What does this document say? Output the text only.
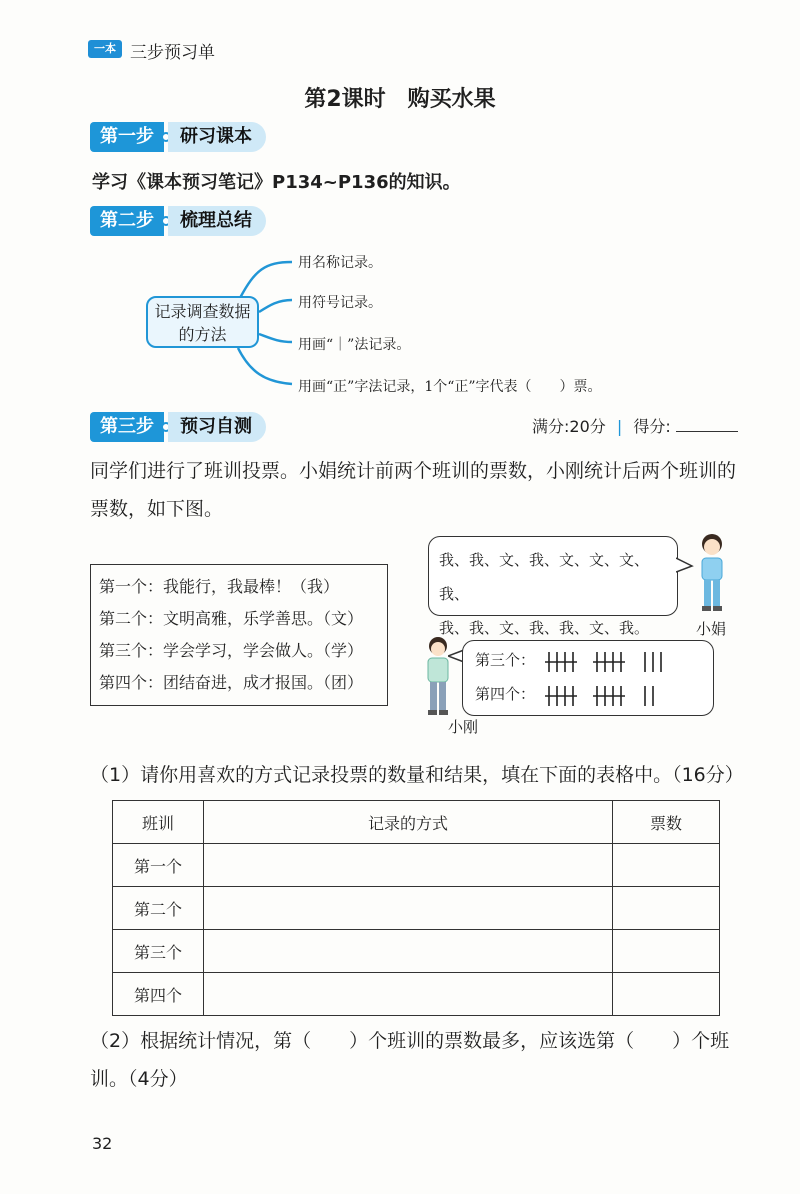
一本 三步预习单
第2课时　购买水果
第一步	研习课本
学习《课本预习笔记》P134~P136的知识。
第二步	梳理总结
记录调查数据的方法
用名称记录。
用符号记录。
用画“｜”法记录。
用画“正”字法记录，1个“正”字代表（　　）票。
第三步	预习自测	满分:20分 | 得分:
同学们进行了班训投票。小娟统计前两个班训的票数，小刚统计后两个班训的票数，如下图。
第一个：我能行，我最棒！（我）
第二个：文明高雅，乐学善思。（文）
第三个：学会学习，学会做人。（学）
第四个：团结奋进，成才报国。（团）
我、我、文、我、文、文、文、我、
我、我、文、我、我、文、我。	小娟
小刚
第三个：
第四个：
（1）请你用喜欢的方式记录投票的数量和结果，填在下面的表格中。（16分）
班训	记录的方式	票数
第一个		
第二个		
第三个		
第四个		
（2）根据统计情况，第（　　）个班训的票数最多，应该选第（　　）个班
训。（4分）
32
